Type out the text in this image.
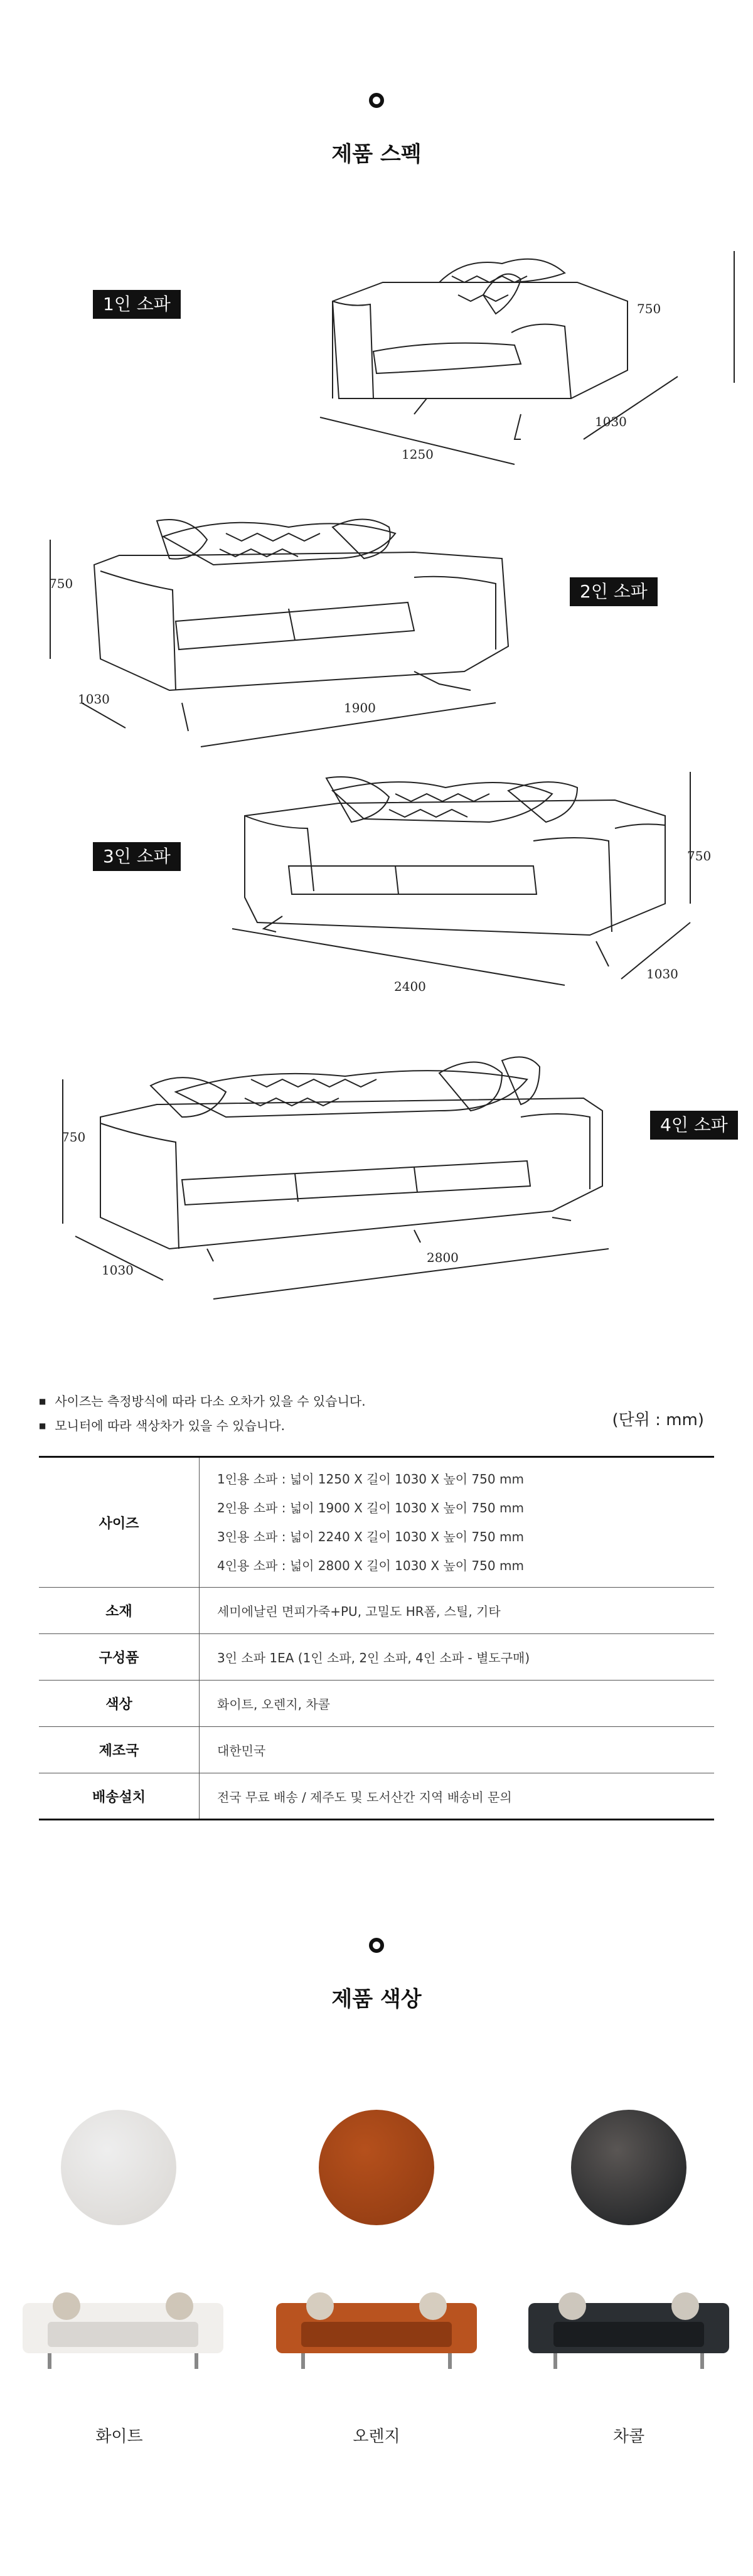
제품 스펙
1인 소파	750
1030
1250
750
1030
1900
2인 소파
3인 소파	750
1030
2400
750
1030
2800
4인 소파
■ 사이즈는 측정방식에 따라 다소 오차가 있을 수 있습니다.
■ 모니터에 따라 색상차가 있을 수 있습니다.	(단위 : mm)
사이즈	1인용 소파 : 넓이 1250 X 길이 1030 X 높이 750 mm
2인용 소파 : 넓이 1900 X 길이 1030 X 높이 750 mm
3인용 소파 : 넓이 2240 X 길이 1030 X 높이 750 mm
4인용 소파 : 넓이 2800 X 길이 1030 X 높이 750 mm

소재	세미에날린 면피가죽+PU, 고밀도 HR폼, 스틸, 기타
구성품	3인 소파 1EA (1인 소파, 2인 소파, 4인 소파 - 별도구매)
색상	화이트, 오렌지, 차콜
제조국	대한민국
배송설치	전국 무료 배송 / 제주도 및 도서산간 지역 배송비 문의
제품 색상
화이트	오렌지	차콜
